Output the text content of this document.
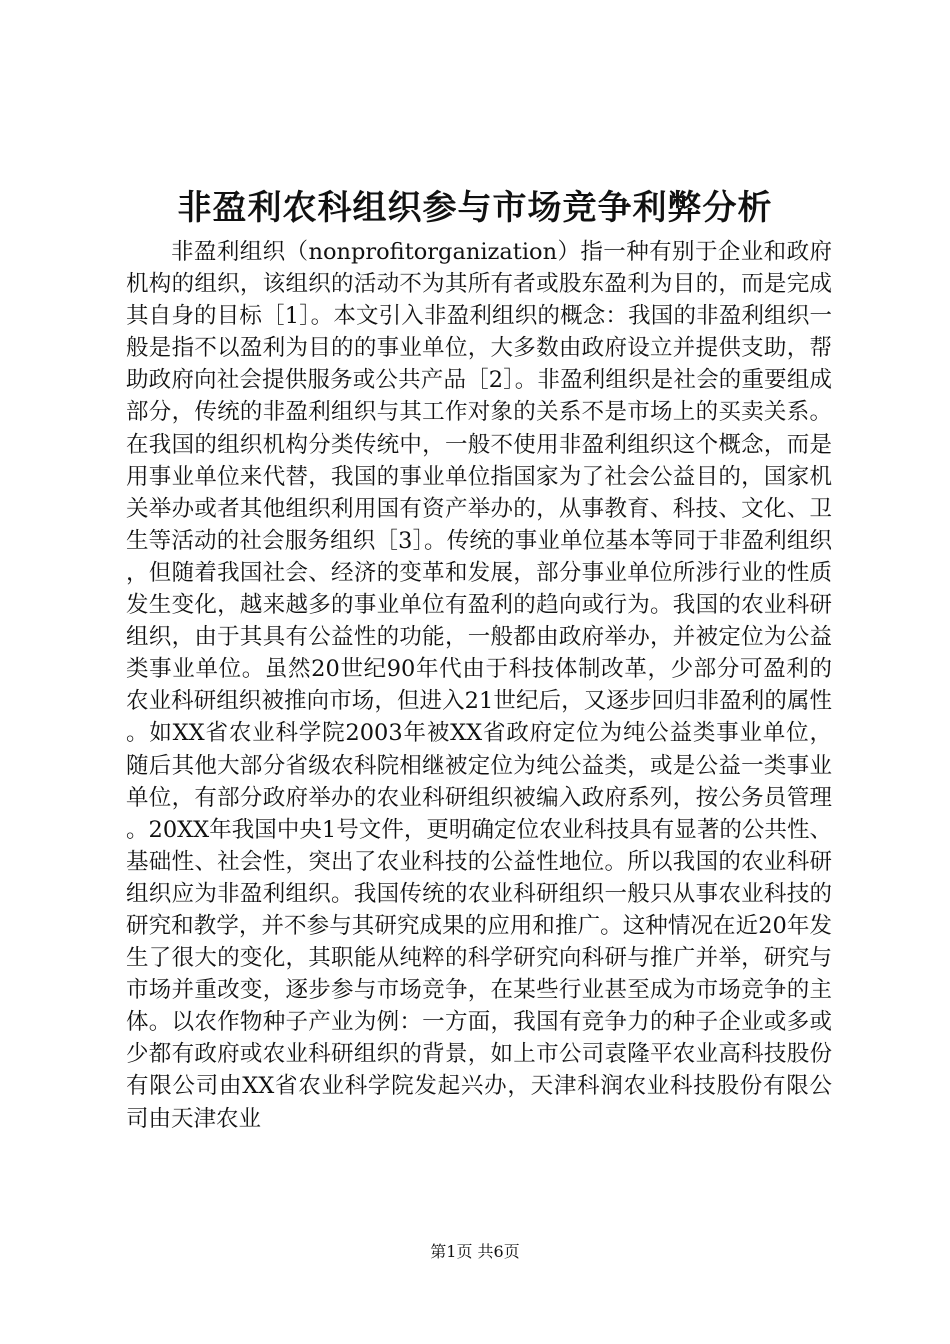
非盈利农科组织参与市场竞争利弊分析

非盈利组织（nonprofitorganization）指一种有别于企业和政府机构的组织，该组织的活动不为其所有者或股东盈利为目的，而是完成其自身的目标［1］。本文引入非盈利组织的概念：我国的非盈利组织一般是指不以盈利为目的的事业单位，大多数由政府设立并提供支助，帮助政府向社会提供服务或公共产品［2］。非盈利组织是社会的重要组成部分，传统的非盈利组织与其工作对象的关系不是市场上的买卖关系。在我国的组织机构分类传统中，一般不使用非盈利组织这个概念，而是用事业单位来代替，我国的事业单位指国家为了社会公益目的，国家机关举办或者其他组织利用国有资产举办的，从事教育、科技、文化、卫生等活动的社会服务组织［3］。传统的事业单位基本等同于非盈利组织，但随着我国社会、经济的变革和发展，部分事业单位所涉行业的性质发生变化，越来越多的事业单位有盈利的趋向或行为。我国的农业科研组织，由于其具有公益性的功能，一般都由政府举办，并被定位为公益类事业单位。虽然20世纪90年代由于科技体制改革，少部分可盈利的农业科研组织被推向市场，但进入21世纪后，又逐步回归非盈利的属性。如XX省农业科学院2003年被XX省政府定位为纯公益类事业单位，随后其他大部分省级农科院相继被定位为纯公益类，或是公益一类事业单位，有部分政府举办的农业科研组织被编入政府系列，按公务员管理。20XX年我国中央1号文件，更明确定位农业科技具有显著的公共性、基础性、社会性，突出了农业科技的公益性地位。所以我国的农业科研组织应为非盈利组织。我国传统的农业科研组织一般只从事农业科技的研究和教学，并不参与其研究成果的应用和推广。这种情况在近20年发生了很大的变化，其职能从纯粹的科学研究向科研与推广并举，研究与市场并重改变，逐步参与市场竞争，在某些行业甚至成为市场竞争的主体。以农作物种子产业为例：一方面，我国有竞争力的种子企业或多或少都有政府或农业科研组织的背景，如上市公司袁隆平农业高科技股份有限公司由XX省农业科学院发起兴办，天津科润农业科技股份有限公司由天津农业

第1页 共6页
